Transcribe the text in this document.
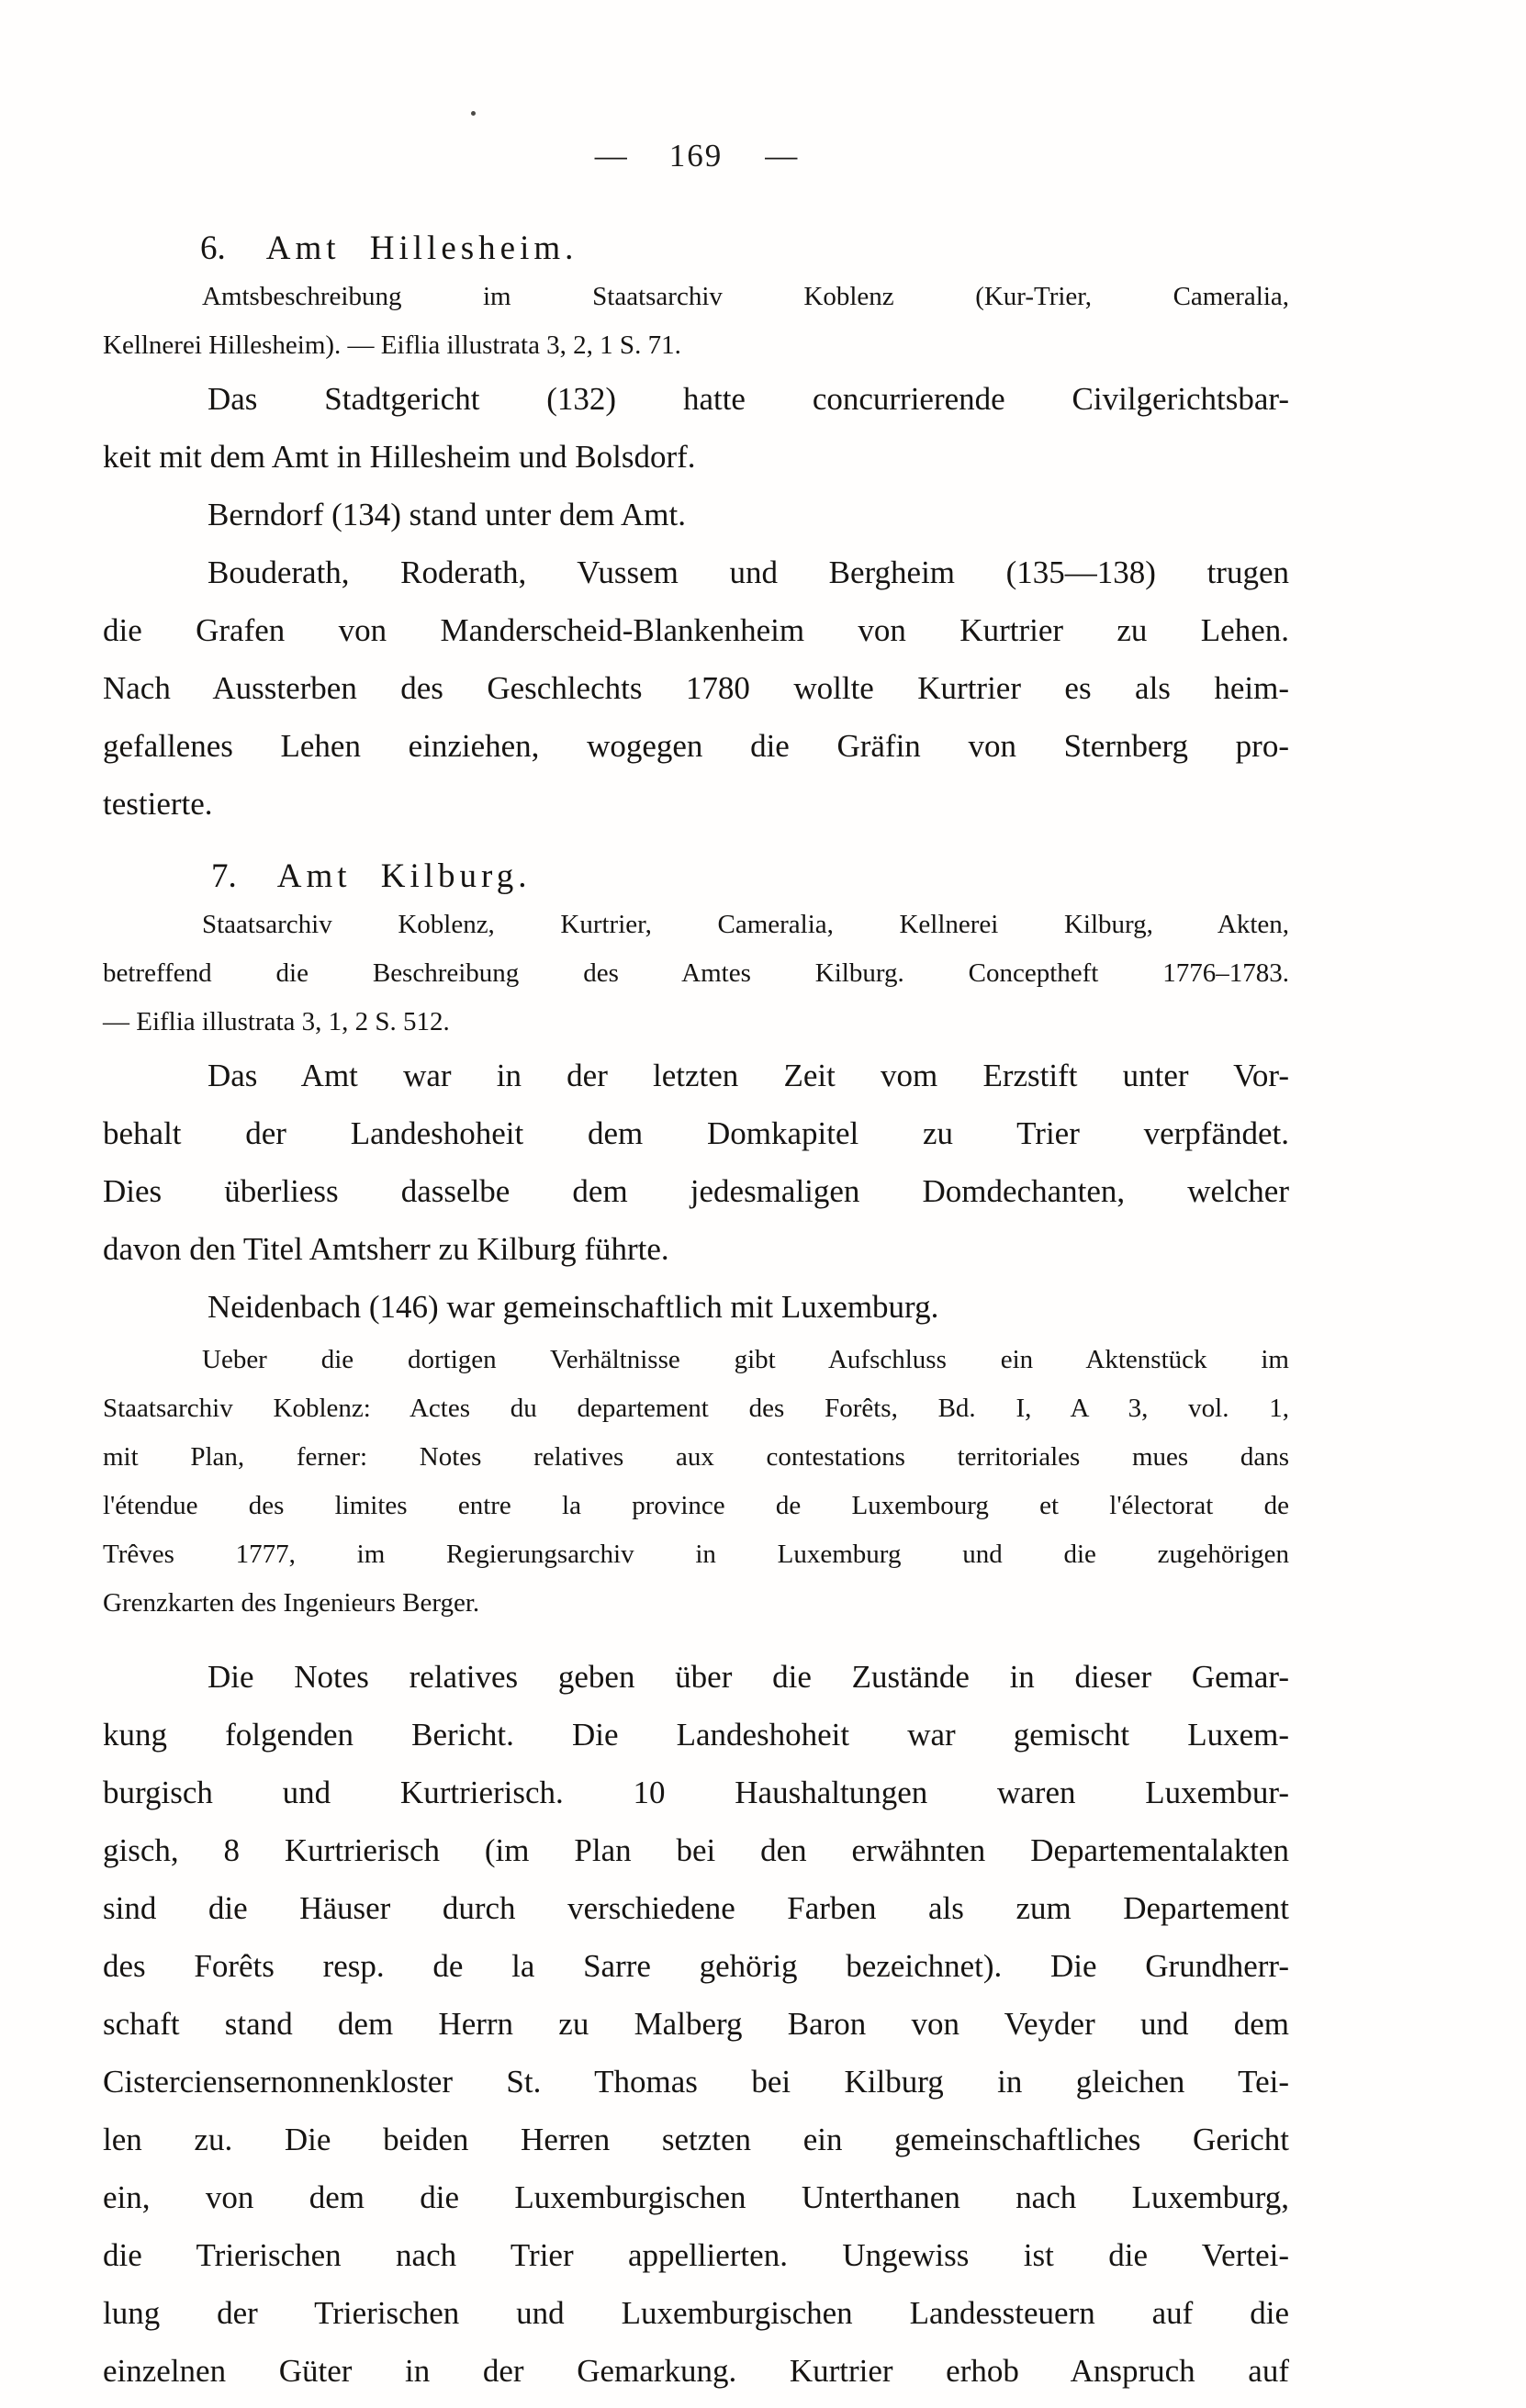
— 169 —
6. Amt Hillesheim.
Amtsbeschreibung im Staatsarchiv Koblenz (Kur-Trier, Cameralia,
Kellnerei Hillesheim). — Eiflia illustrata 3, 2, 1 S. 71.
Das Stadtgericht (132) hatte concurrierende Civilgerichtsbar-
keit mit dem Amt in Hillesheim und Bolsdorf.
Berndorf (134) stand unter dem Amt.
Bouderath, Roderath, Vussem und Bergheim (135—138) trugen
die Grafen von Manderscheid-Blankenheim von Kurtrier zu Lehen.
Nach Aussterben des Geschlechts 1780 wollte Kurtrier es als heim-
gefallenes Lehen einziehen, wogegen die Gräfin von Sternberg pro-
testierte.
7. Amt Kilburg.
Staatsarchiv Koblenz, Kurtrier, Cameralia, Kellnerei Kilburg, Akten,
betreffend die Beschreibung des Amtes Kilburg. Conceptheft 1776–1783.
— Eiflia illustrata 3, 1, 2 S. 512.
Das Amt war in der letzten Zeit vom Erzstift unter Vor-
behalt der Landeshoheit dem Domkapitel zu Trier verpfändet.
Dies überliess dasselbe dem jedesmaligen Domdechanten, welcher
davon den Titel Amtsherr zu Kilburg führte.
Neidenbach (146) war gemeinschaftlich mit Luxemburg.
Ueber die dortigen Verhältnisse gibt Aufschluss ein Aktenstück im
Staatsarchiv Koblenz: Actes du departement des Forêts, Bd. I, A 3, vol. 1,
mit Plan, ferner: Notes relatives aux contestations territoriales mues dans
l'étendue des limites entre la province de Luxembourg et l'électorat de
Trêves 1777, im Regierungsarchiv in Luxemburg und die zugehörigen
Grenzkarten des Ingenieurs Berger.
Die Notes relatives geben über die Zustände in dieser Gemar-
kung folgenden Bericht. Die Landeshoheit war gemischt Luxem-
burgisch und Kurtrierisch. 10 Haushaltungen waren Luxembur-
gisch, 8 Kurtrierisch (im Plan bei den erwähnten Departementalakten
sind die Häuser durch verschiedene Farben als zum Departement
des Forêts resp. de la Sarre gehörig bezeichnet). Die Grundherr-
schaft stand dem Herrn zu Malberg Baron von Veyder und dem
Cisterciensernonnenkloster St. Thomas bei Kilburg in gleichen Tei-
len zu. Die beiden Herren setzten ein gemeinschaftliches Gericht
ein, von dem die Luxemburgischen Unterthanen nach Luxemburg,
die Trierischen nach Trier appellierten. Ungewiss ist die Vertei-
lung der Trierischen und Luxemburgischen Landessteuern auf die
einzelnen Güter in der Gemarkung. Kurtrier erhob Anspruch auf
